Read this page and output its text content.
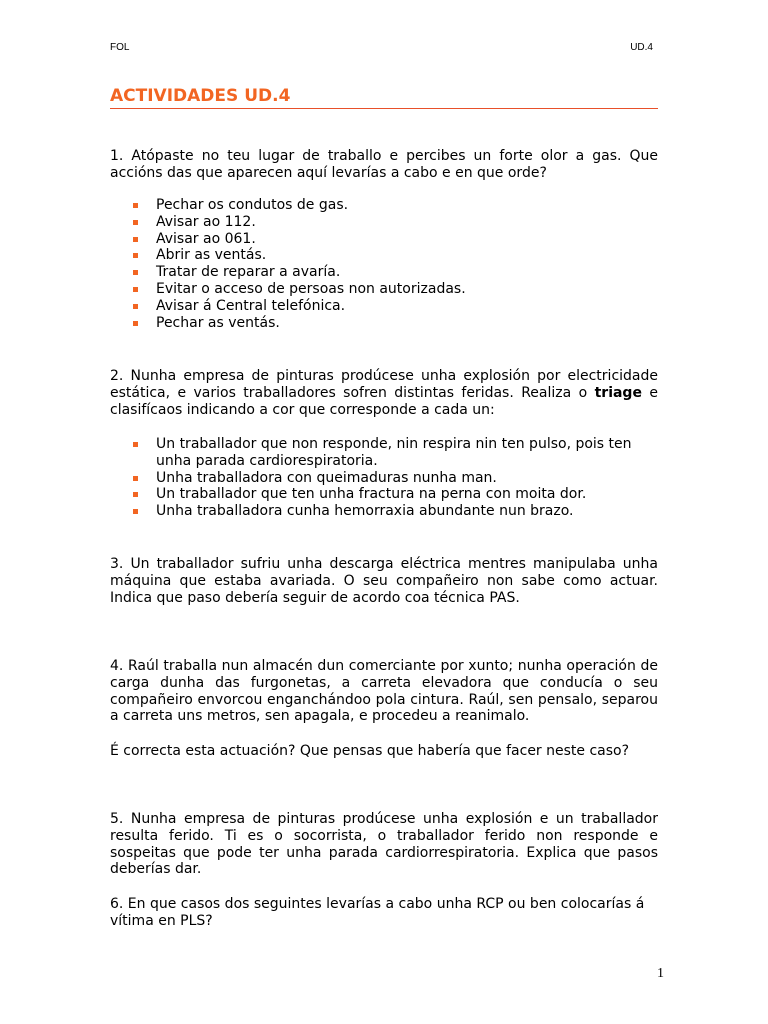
FOL	UD.4
ACTIVIDADES UD.4

1. Atópaste no teu lugar de traballo e percibes un forte olor a gas. Que accións das que aparecen aquí levarías a cabo e en que orde?

Pechar os condutos de gas.
Avisar ao 112.
Avisar ao 061.
Abrir as ventás.
Tratar de reparar a avaría.
Evitar o acceso de persoas non autorizadas.
Avisar á Central telefónica.
Pechar as ventás.

2. Nunha empresa de pinturas prodúcese unha explosión por electricidade estática, e varios traballadores sofren distintas feridas. Realiza o triage e clasifícaos indicando a cor que corresponde a cada un:

Un traballador que non responde, nin respira nin ten pulso, pois ten unha parada cardiorespiratoria.
Unha traballadora con queimaduras nunha man.
Un traballador que ten unha fractura na perna con moita dor.
Unha traballadora cunha hemorraxia abundante nun brazo.

3. Un traballador sufriu unha descarga eléctrica mentres manipulaba unha máquina que estaba avariada. O seu compañeiro non sabe como actuar. Indica que paso debería seguir de acordo coa técnica PAS.

4. Raúl traballa nun almacén dun comerciante por xunto; nunha operación de carga dunha das furgonetas, a carreta elevadora que conducía o seu compañeiro envorcou enganchándoo pola cintura. Raúl, sen pensalo, separou a carreta uns metros, sen apagala, e procedeu a reanimalo.

É correcta esta actuación? Que pensas que habería que facer neste caso?

5. Nunha empresa de pinturas prodúcese unha explosión e un traballador resulta ferido. Ti es o socorrista, o traballador ferido non responde e sospeitas que pode ter unha parada cardiorrespiratoria. Explica que pasos deberías dar.

6. En que casos dos seguintes levarías a cabo unha RCP ou ben colocarías á vítima en PLS?

1
